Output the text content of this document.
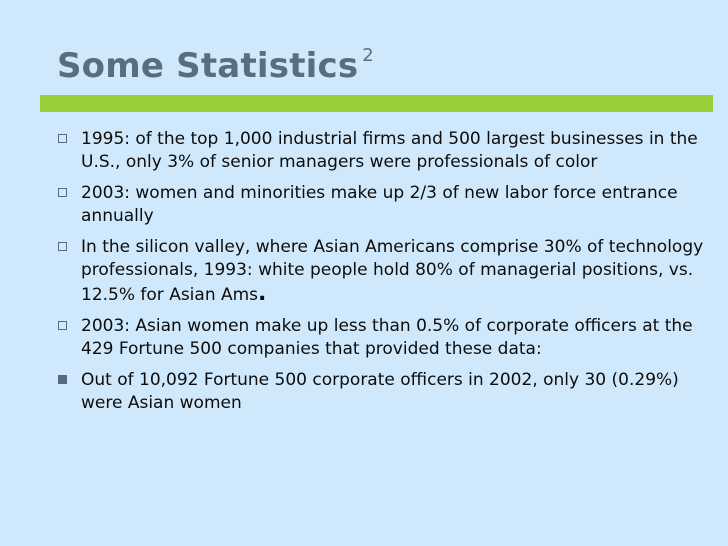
Some Statistics $^2$
1995: of the top 1,000 industrial firms and 500 largest businesses in the U.S., only 3% of senior managers were professionals of color
2003: women and minorities make up 2/3 of new labor force entrance annually
In the silicon valley, where Asian Americans comprise 30% of technology professionals, 1993: white people hold 80% of managerial positions, vs. 12.5% for Asian Ams.
2003: Asian women make up less than 0.5% of corporate officers at the 429 Fortune 500 companies that provided these data:
Out of 10,092 Fortune 500 corporate officers in 2002, only 30 (0.29%) were Asian women
